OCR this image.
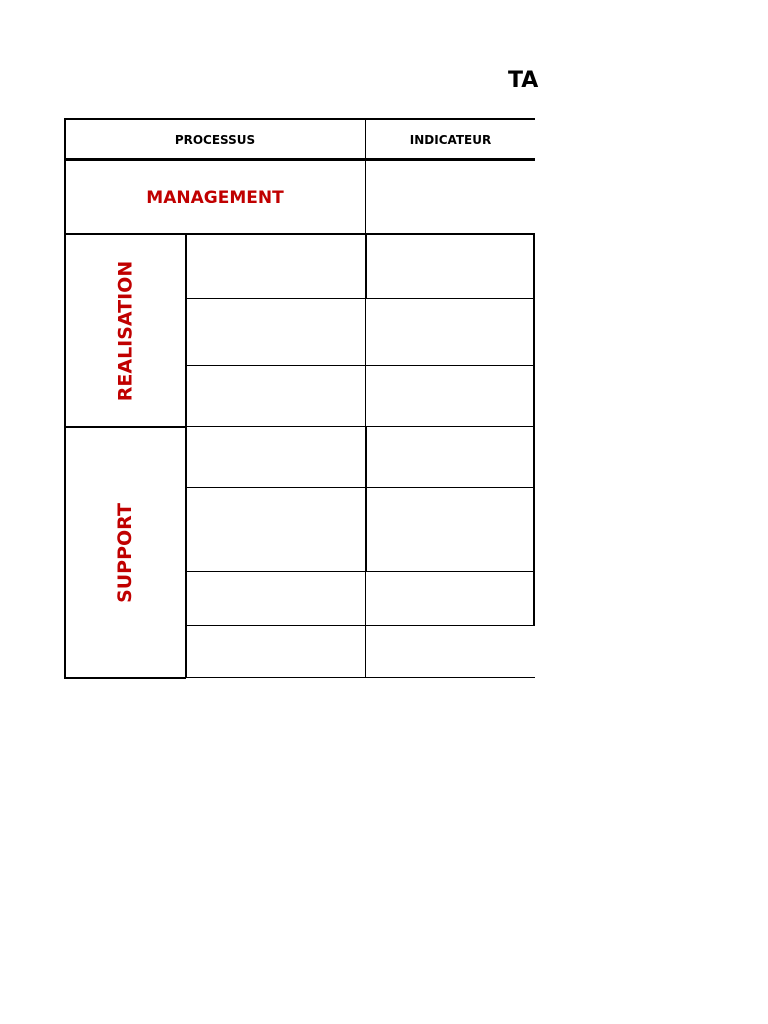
TA
PROCESSUS	INDICATEUR
MANAGEMENT
REALISATION
SUPPORT
